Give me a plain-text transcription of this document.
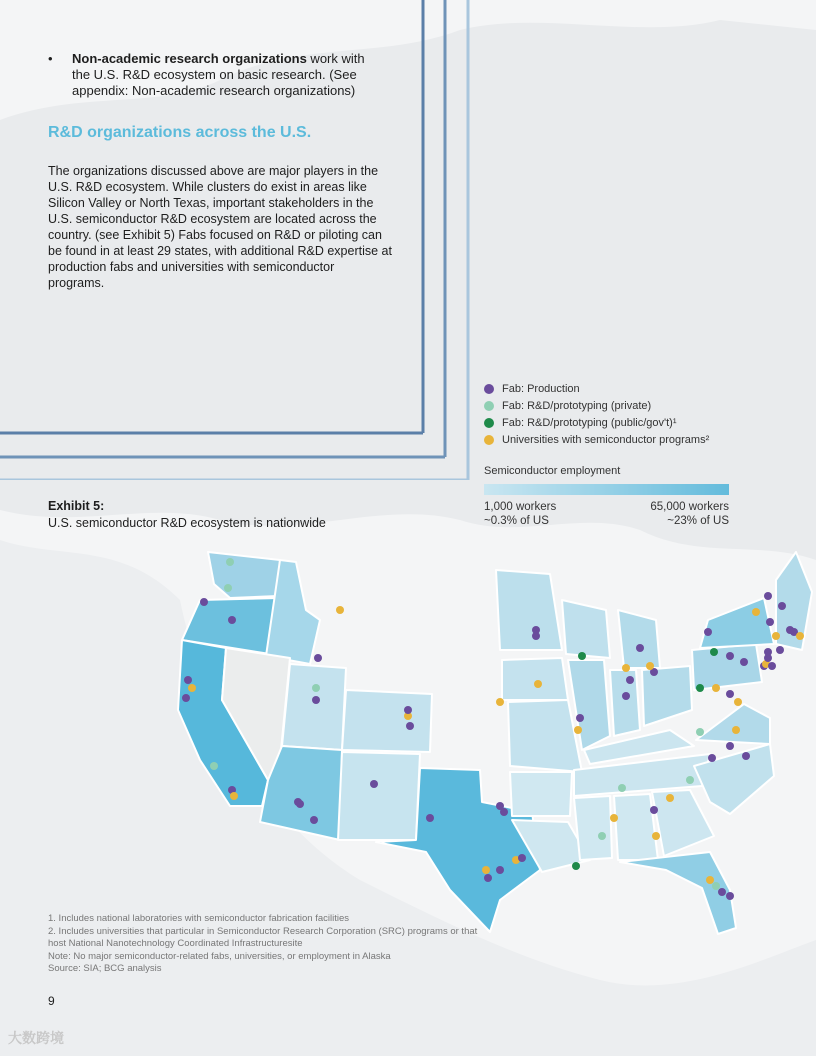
• Non-academic research organizations work with the U.S. R&D ecosystem on basic research. (See appendix: Non-academic research organizations)
R&D organizations across the U.S.
The organizations discussed above are major players in the U.S. R&D ecosystem. While clusters do exist in areas like Silicon Valley or North Texas, important stakeholders in the U.S. semiconductor R&D ecosystem are located across the country. (see Exhibit 5) Fabs focused on R&D or piloting can be found in at least 29 states, with additional R&D expertise at production fabs and universities with semiconductor programs.
Fab: Production
Fab: R&D/prototyping (private)
Fab: R&D/prototyping (public/gov't)¹
Universities with semiconductor programs²
Semiconductor employment
1,000 workers
~0.3% of US
65,000 workers
~23% of US
Exhibit 5:
U.S. semiconductor R&D ecosystem is nationwide
1. Includes national laboratories with semiconductor fabrication facilities
2. Includes universities that particular in Semiconductor Research Corporation (SRC) programs or that host National Nanotechnology Coordinated Infrastructuresite
Note: No major semiconductor-related fabs, universities, or employment in Alaska
Source: SIA; BCG analysis
9
大数跨境
